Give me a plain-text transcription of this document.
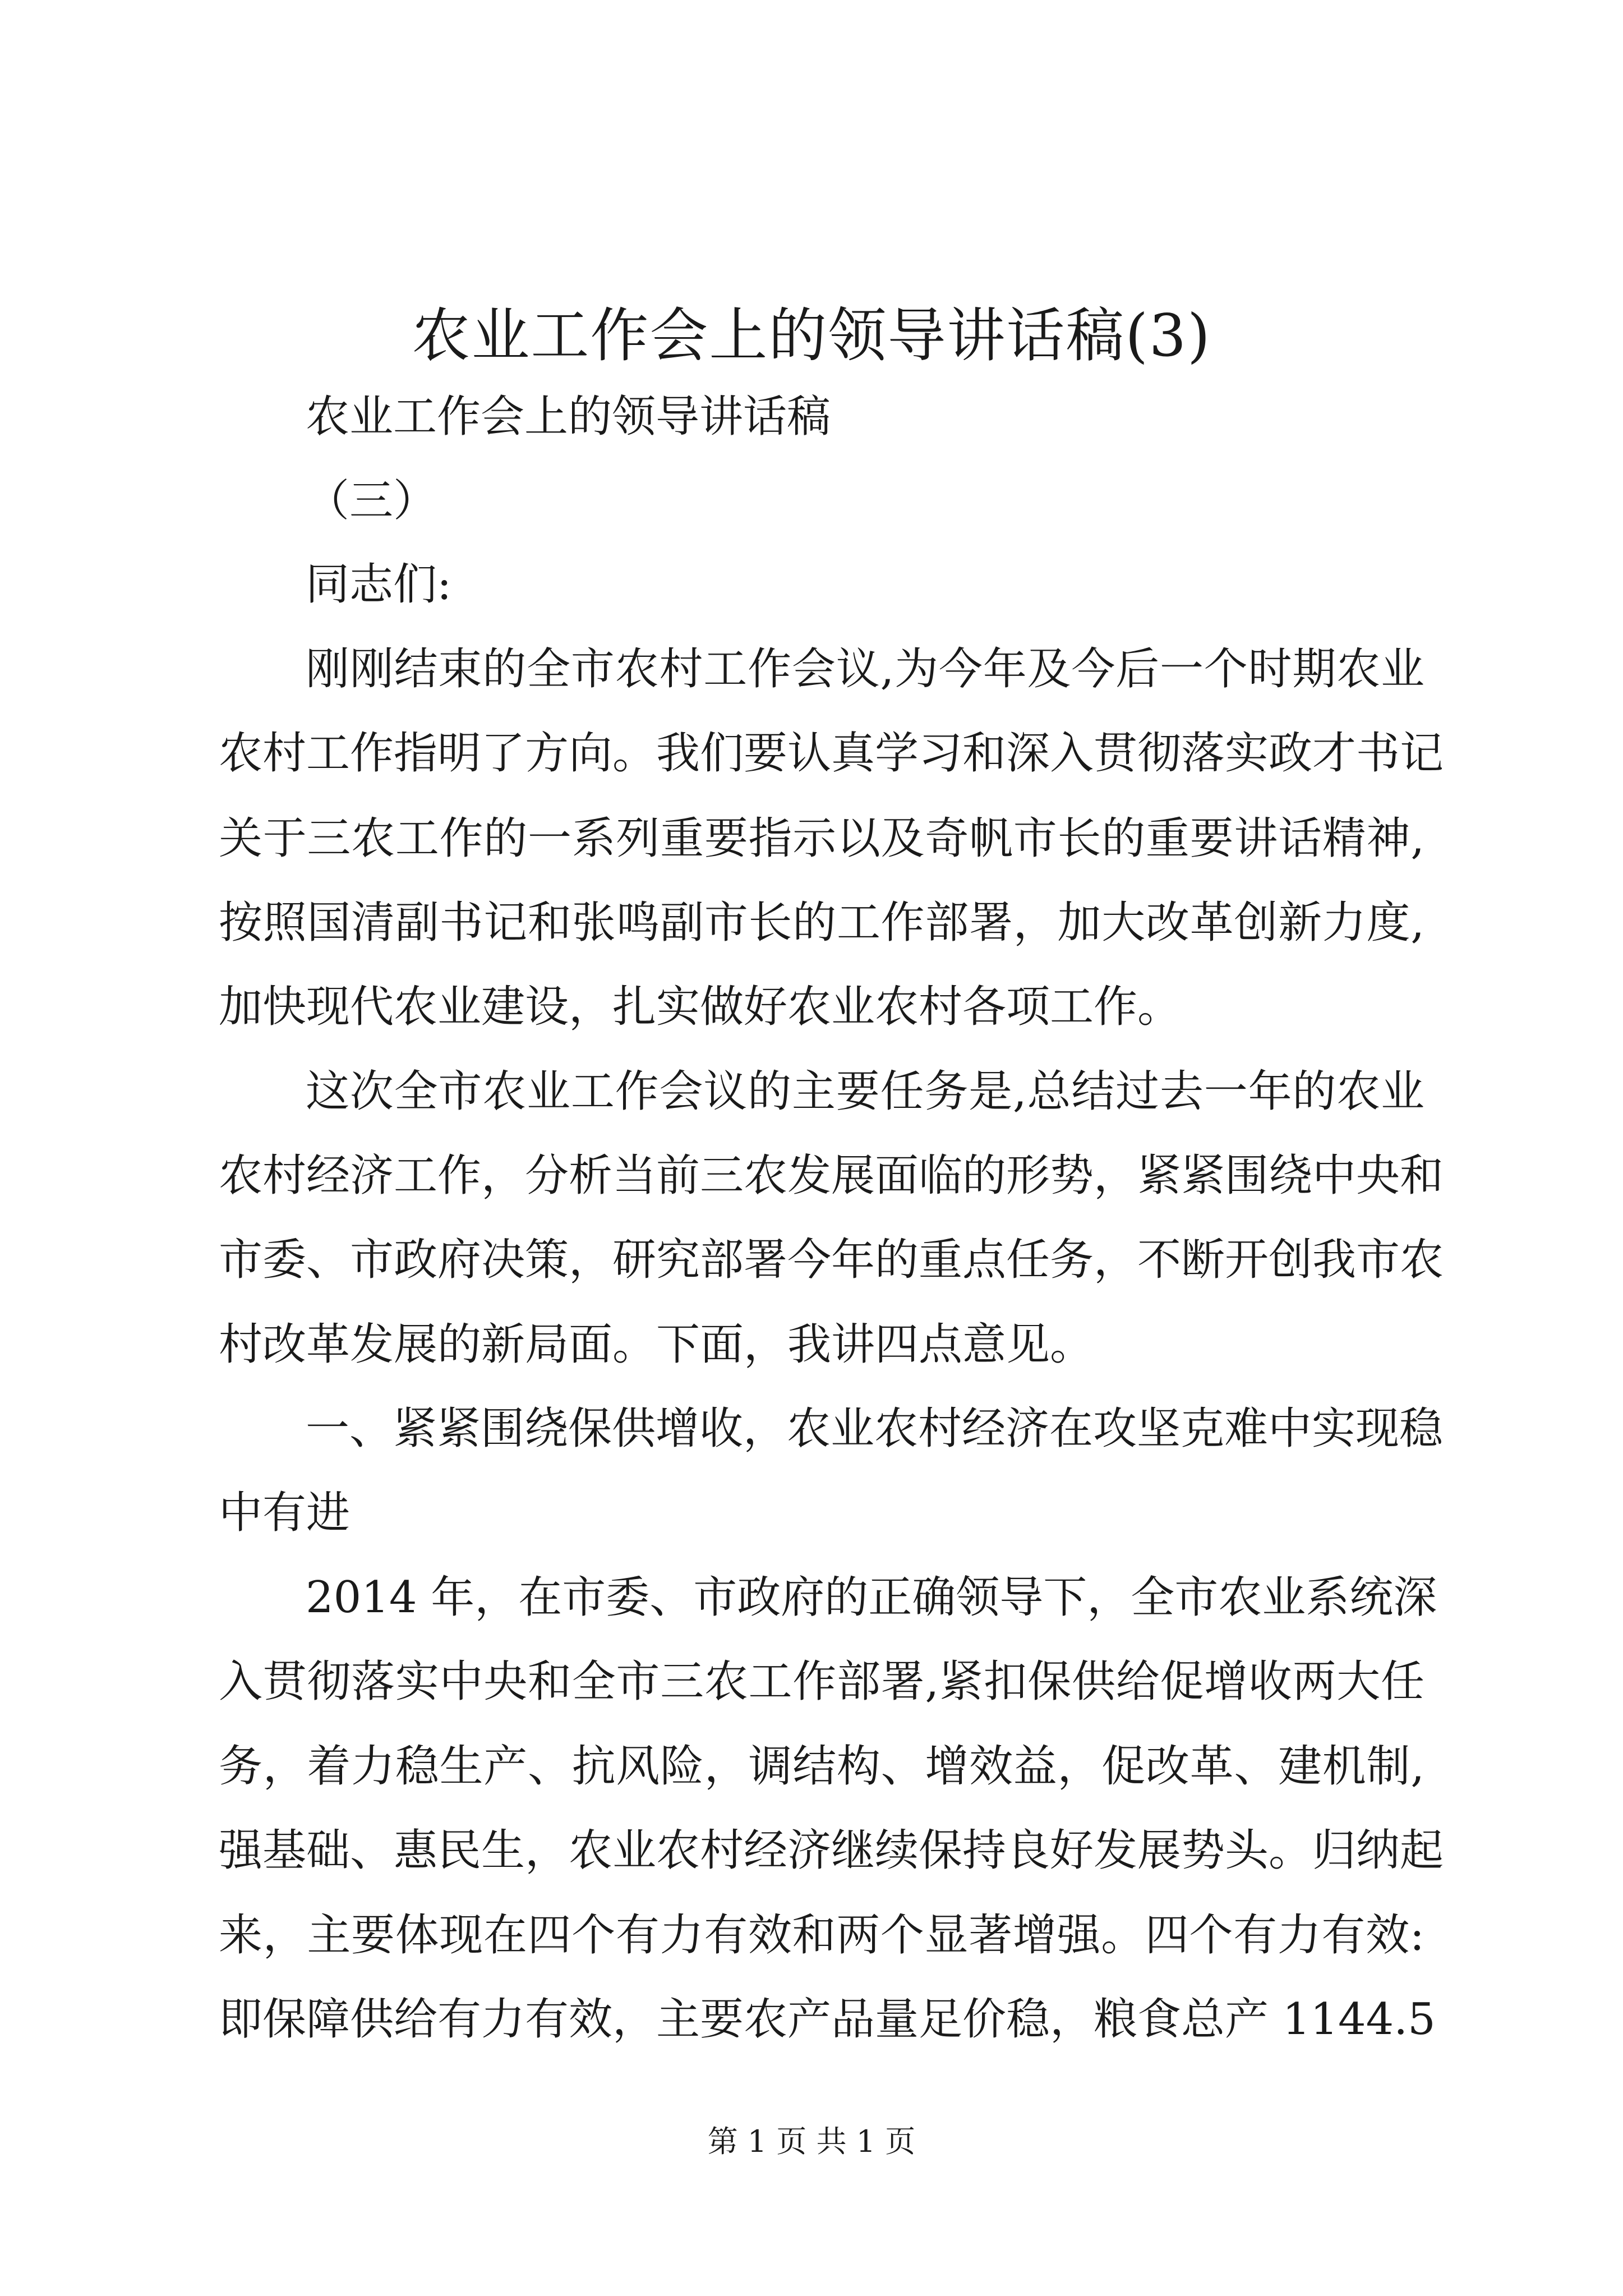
农业工作会上的领导讲话稿(3)

农业工作会上的领导讲话稿

（三）

同志们:

刚刚结束的全市农村工作会议,为今年及今后一个时期农业

农村工作指明了方向。我们要认真学习和深入贯彻落实政才书记

关于三农工作的一系列重要指示以及奇帆市长的重要讲话精神,

按照国清副书记和张鸣副市长的工作部署，加大改革创新力度,

加快现代农业建设，扎实做好农业农村各项工作。

这次全市农业工作会议的主要任务是,总结过去一年的农业

农村经济工作，分析当前三农发展面临的形势，紧紧围绕中央和

市委、市政府决策，研究部署今年的重点任务，不断开创我市农

村改革发展的新局面。下面，我讲四点意见。

一、紧紧围绕保供增收，农业农村经济在攻坚克难中实现稳

中有进

2014 年，在市委、市政府的正确领导下，全市农业系统深

入贯彻落实中央和全市三农工作部署,紧扣保供给促增收两大任

务，着力稳生产、抗风险，调结构、增效益，促改革、建机制,

强基础、惠民生，农业农村经济继续保持良好发展势头。归纳起

来，主要体现在四个有力有效和两个显著增强。四个有力有效:

即保障供给有力有效，主要农产品量足价稳，粮食总产 1144.5

第 1 页 共 1 页
